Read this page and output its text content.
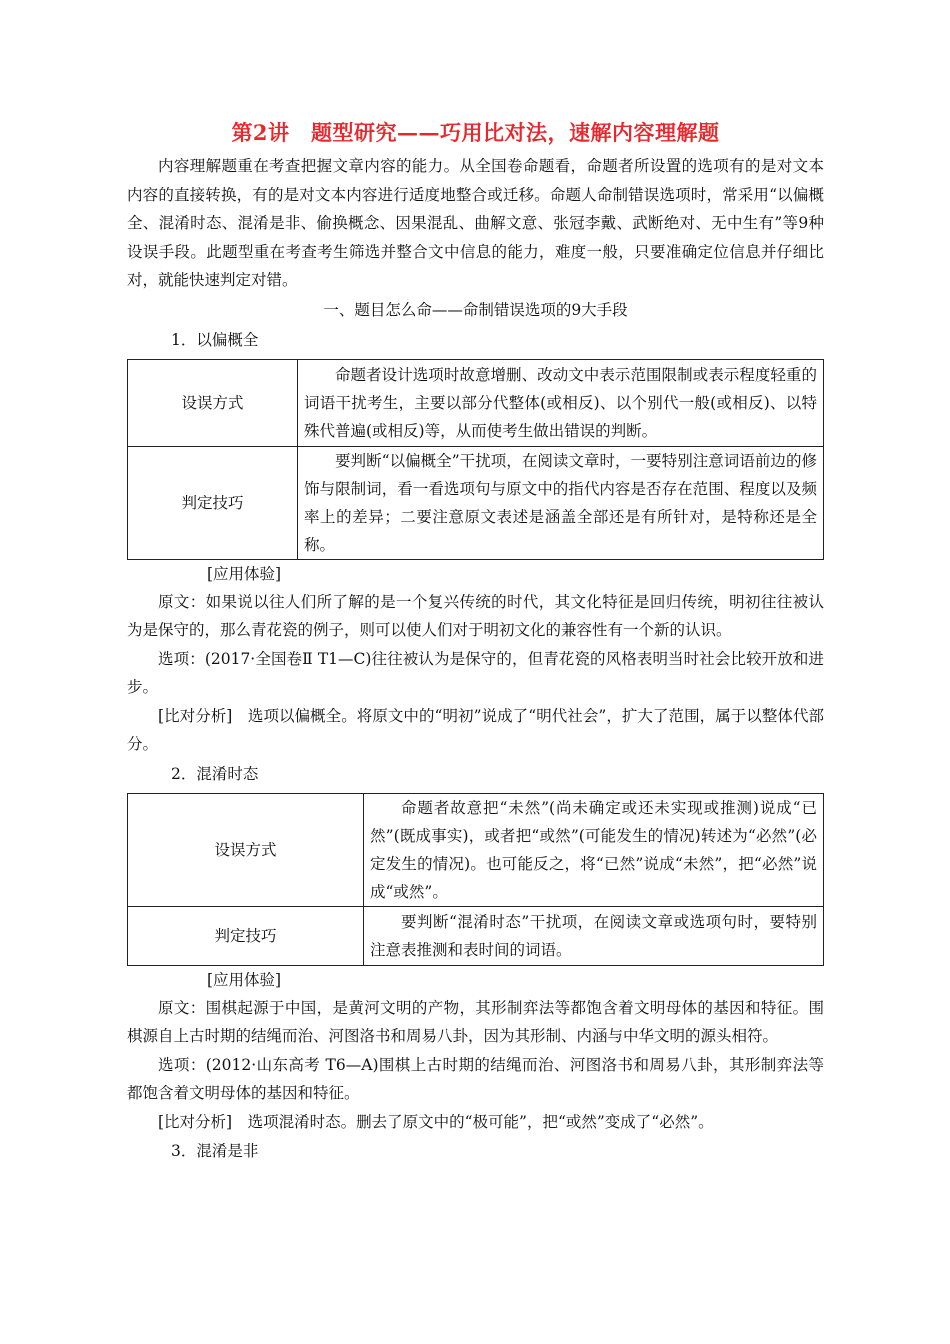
第2讲　题型研究——巧用比对法，速解内容理解题

内容理解题重在考查把握文章内容的能力。从全国卷命题看，命题者所设置的选项有的是对文本内容的直接转换，有的是对文本内容进行适度地整合或迁移。命题人命制错误选项时，常采用“以偏概全、混淆时态、混淆是非、偷换概念、因果混乱、曲解文意、张冠李戴、武断绝对、无中生有”等9种设误手段。此题型重在考查考生筛选并整合文中信息的能力，难度一般，只要准确定位信息并仔细比对，就能快速判定对错。

一、题目怎么命——命制错误选项的9大手段

1．以偏概全

设误方式	命题者设计选项时故意增删、改动文中表示范围限制或表示程度轻重的词语干扰考生，主要以部分代整体(或相反)、以个别代一般(或相反)、以特殊代普遍(或相反)等，从而使考生做出错误的判断。
判定技巧	要判断“以偏概全”干扰项，在阅读文章时，一要特别注意词语前边的修饰与限制词，看一看选项句与原文中的指代内容是否存在范围、程度以及频率上的差异；二要注意原文表述是涵盖全部还是有所针对，是特称还是全称。

[应用体验]

原文：如果说以往人们所了解的是一个复兴传统的时代，其文化特征是回归传统，明初往往被认为是保守的，那么青花瓷的例子，则可以使人们对于明初文化的兼容性有一个新的认识。

选项：(2017·全国卷Ⅱ T1—C)往往被认为是保守的，但青花瓷的风格表明当时社会比较开放和进步。

[比对分析]　选项以偏概全。将原文中的“明初”说成了“明代社会”，扩大了范围，属于以整体代部分。

2．混淆时态

设误方式	命题者故意把“未然”(尚未确定或还未实现或推测)说成“已然”(既成事实)，或者把“或然”(可能发生的情况)转述为“必然”(必定发生的情况)。也可能反之，将“已然”说成“未然”，把“必然”说成“或然”。
判定技巧	要判断“混淆时态”干扰项，在阅读文章或选项句时，要特别注意表推测和表时间的词语。

[应用体验]

原文：围棋起源于中国，是黄河文明的产物，其形制弈法等都饱含着文明母体的基因和特征。围棋源自上古时期的结绳而治、河图洛书和周易八卦，因为其形制、内涵与中华文明的源头相符。

选项：(2012·山东高考 T6—A)围棋上古时期的结绳而治、河图洛书和周易八卦，其形制弈法等都饱含着文明母体的基因和特征。

[比对分析]　选项混淆时态。删去了原文中的“极可能”，把“或然”变成了“必然”。

3．混淆是非
